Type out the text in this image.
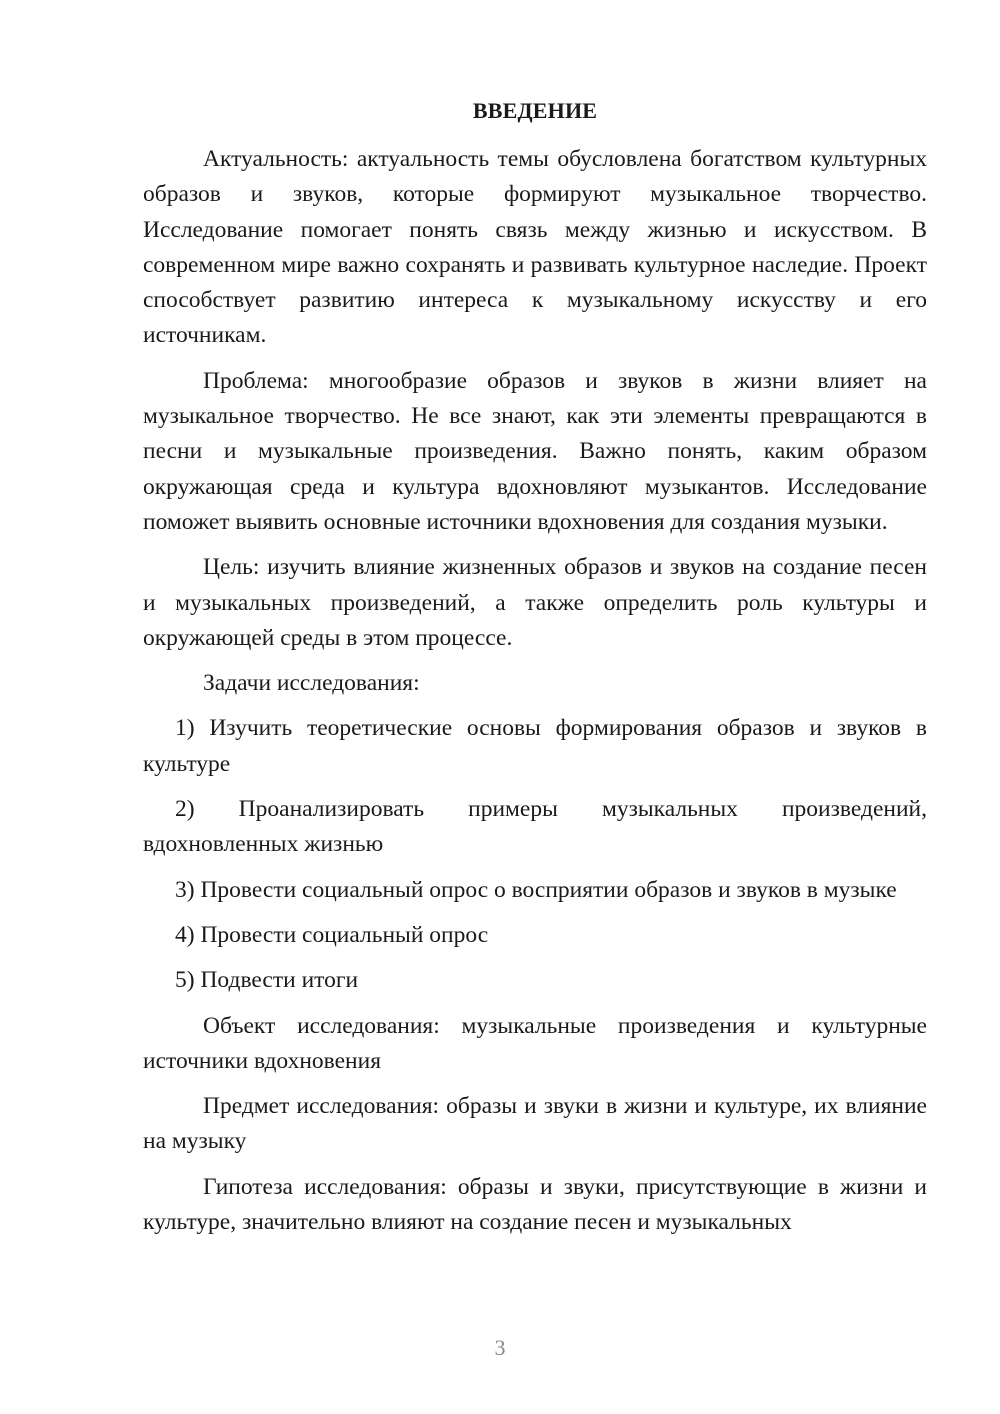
ВВЕДЕНИЕ

Актуальность: актуальность темы обусловлена богатством культурных образов и звуков, которые формируют музыкальное творчество. Исследование помогает понять связь между жизнью и искусством. В современном мире важно сохранять и развивать культурное наследие. Проект способствует развитию интереса к музыкальному искусству и его источникам.

Проблема: многообразие образов и звуков в жизни влияет на музыкальное творчество. Не все знают, как эти элементы превращаются в песни и музыкальные произведения. Важно понять, каким образом окружающая среда и культура вдохновляют музыкантов. Исследование поможет выявить основные источники вдохновения для создания музыки.

Цель: изучить влияние жизненных образов и звуков на создание песен и музыкальных произведений, а также определить роль культуры и окружающей среды в этом процессе.

Задачи исследования:

1) Изучить теоретические основы формирования образов и звуков в культуре

2) Проанализировать примеры музыкальных произведений, вдохновленных жизнью

3) Провести социальный опрос о восприятии образов и звуков в музыке

4) Провести социальный опрос

5) Подвести итоги

Объект исследования: музыкальные произведения и культурные источники вдохновения

Предмет исследования: образы и звуки в жизни и культуре, их влияние на музыку

Гипотеза исследования: образы и звуки, присутствующие в жизни и культуре, значительно влияют на создание песен и музыкальных

3
